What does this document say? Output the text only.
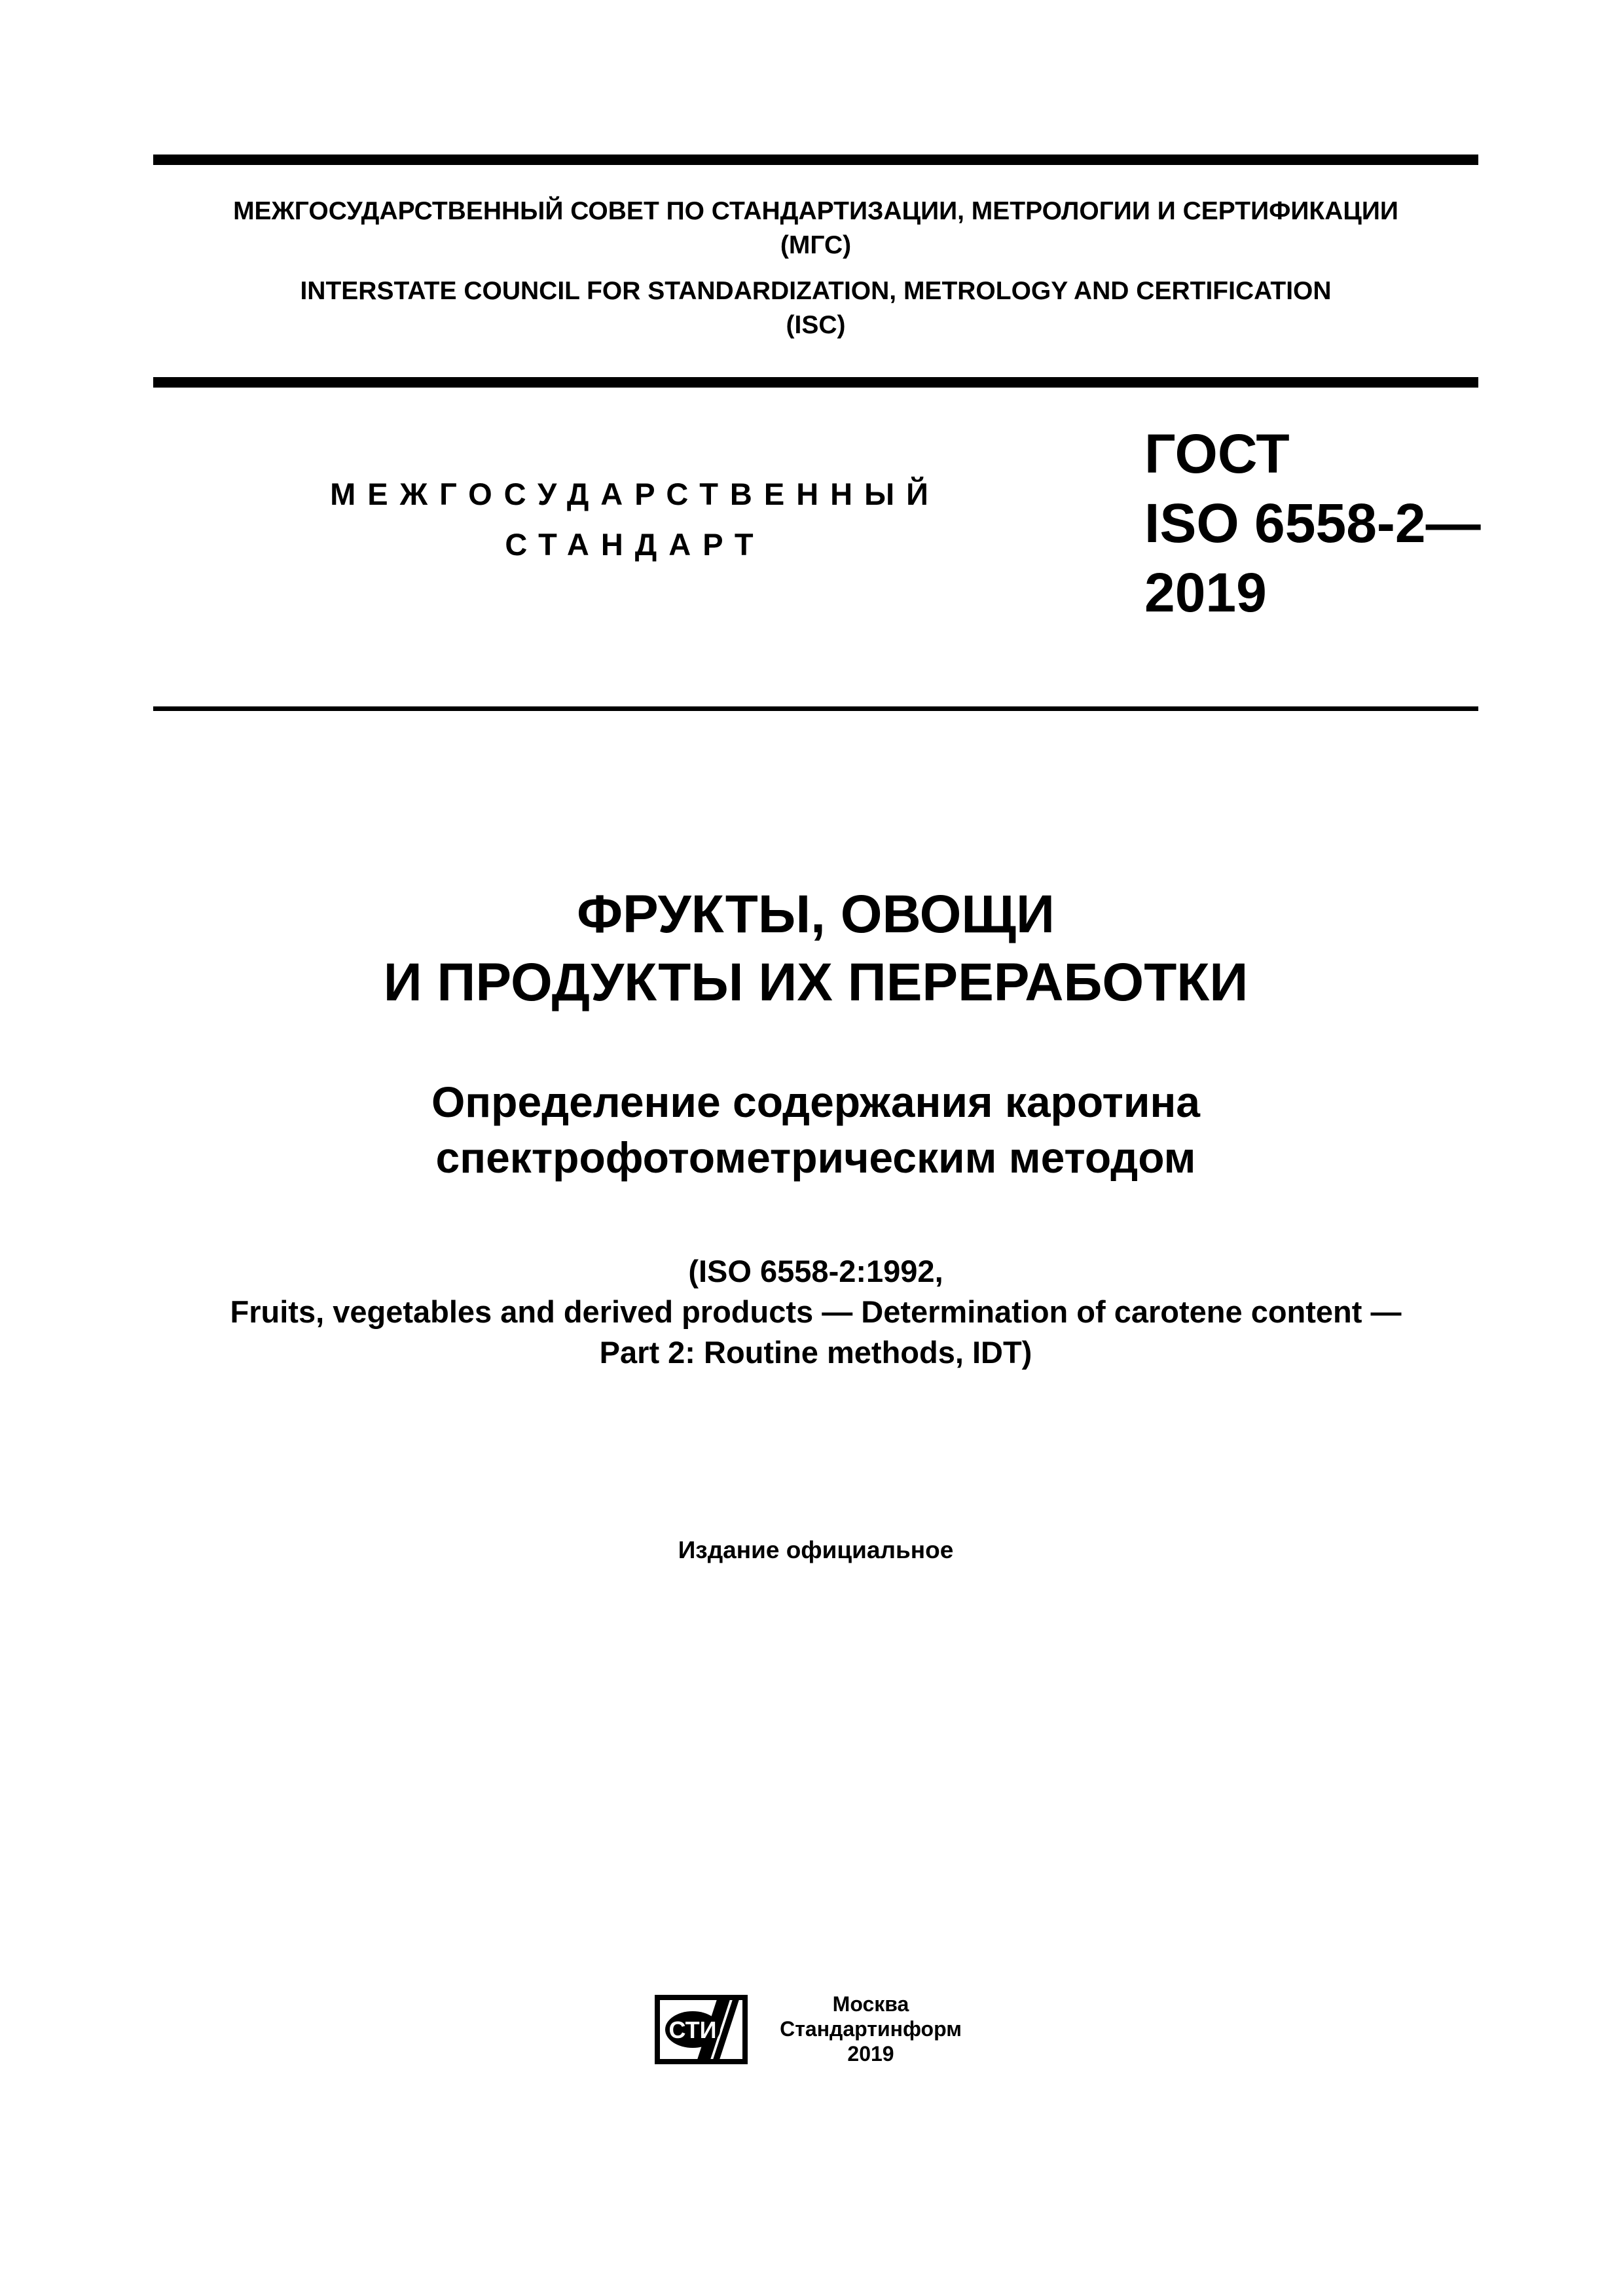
МЕЖГОСУДАРСТВЕННЫЙ СОВЕТ ПО СТАНДАРТИЗАЦИИ, МЕТРОЛОГИИ И СЕРТИФИКАЦИИ
(МГС)
INTERSTATE COUNCIL FOR STANDARDIZATION, METROLOGY AND CERTIFICATION
(ISC)
МЕЖГОСУДАРСТВЕННЫЙ
СТАНДАРТ
ГОСТ
ISO 6558-2—
2019
ФРУКТЫ, ОВОЩИ
И ПРОДУКТЫ ИХ ПЕРЕРАБОТКИ
Определение содержания каротина
спектрофотометрическим методом
(ISO 6558-2:1992,
Fruits, vegetables and derived products — Determination of carotene content —
Part 2: Routine methods, IDT)
Издание официальное
СТИ
Москва
Стандартинформ
2019
